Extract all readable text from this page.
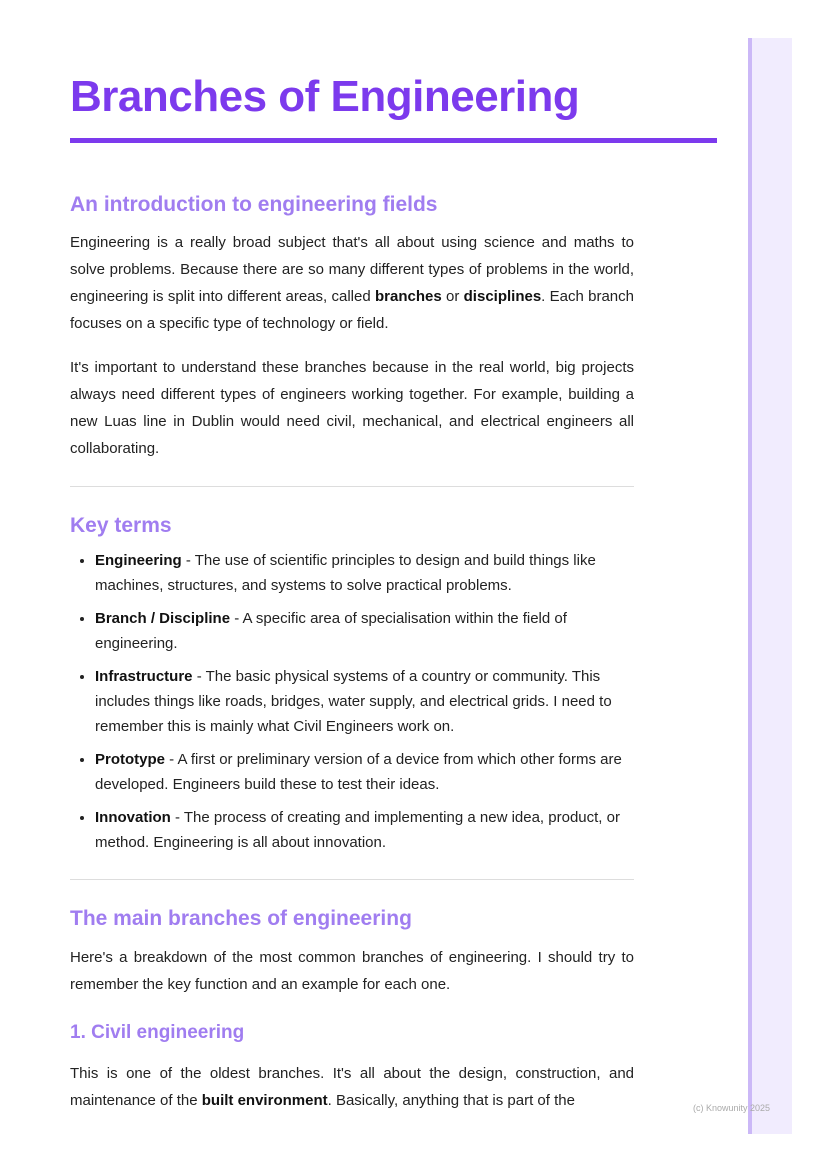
(c) Knowunity 2025
Branches of Engineering
An introduction to engineering fields

Engineering is a really broad subject that's all about using science and maths to solve problems. Because there are so many different types of problems in the world, engineering is split into different areas, called branches or disciplines. Each branch focuses on a specific type of technology or field.

It's important to understand these branches because in the real world, big projects always need different types of engineers working together. For example, building a new Luas line in Dublin would need civil, mechanical, and electrical engineers all collaborating.

Key terms
• Engineering - The use of scientific principles to design and build things like machines, structures, and systems to solve practical problems.
• Branch / Discipline - A specific area of specialisation within the field of engineering.
• Infrastructure - The basic physical systems of a country or community. This includes things like roads, bridges, water supply, and electrical grids. I need to remember this is mainly what Civil Engineers work on.
• Prototype - A first or preliminary version of a device from which other forms are developed. Engineers build these to test their ideas.
• Innovation - The process of creating and implementing a new idea, product, or method. Engineering is all about innovation.
The main branches of engineering

Here's a breakdown of the most common branches of engineering. I should try to remember the key function and an example for each one.

1. Civil engineering

This is one of the oldest branches. It's all about the design, construction, and maintenance of the built environment. Basically, anything that is part of the
